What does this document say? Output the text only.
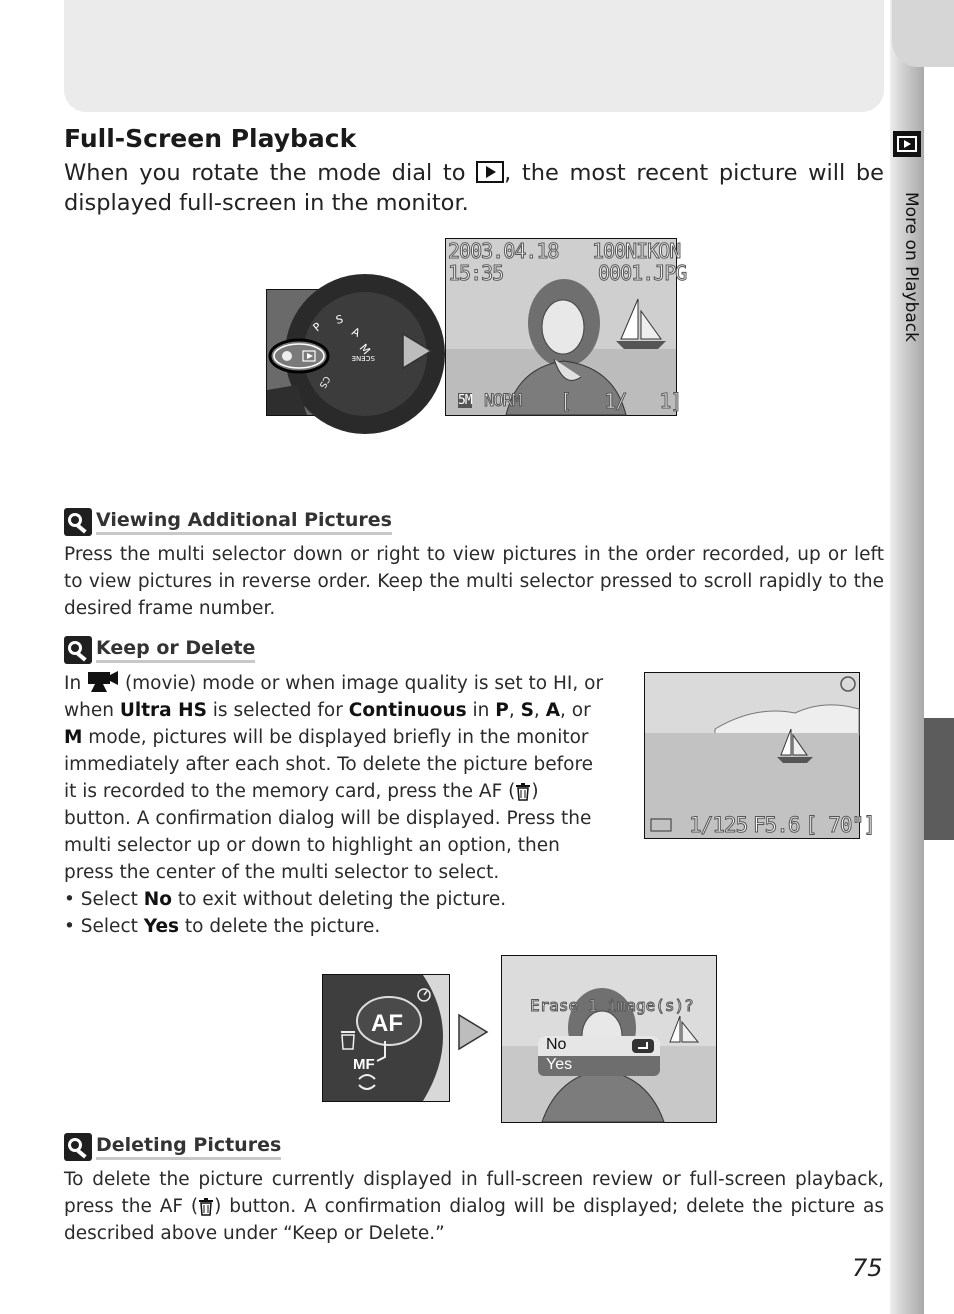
More on Playback
Full-Screen Playback
When you rotate the mode dial to , the most recent picture will be displayed full-screen in the monitor.
P
S
A
M
SCENE
CS
2003.04.18
15:35
100NIKON
0001.JPG
5M NORM [   1/   1]
Viewing Additional Pictures
Press the multi selector down or right to view pictures in the order recorded, up or left to view pictures in reverse order. Keep the multi selector pressed to scroll rapidly to the desired frame number.
Keep or Delete
In  (movie) mode or when image quality is set to HI, or when Ultra HS is selected for Continuous in P, S, A, or M mode, pictures will be displayed briefly in the monitor immediately after each shot. To delete the picture before it is recorded to the memory card, press the AF ( ) button. A confirmation dialog will be displayed. Press the multi selector up or down to highlight an option, then press the center of the multi selector to select.
• Select No to exit without deleting the picture.
• Select Yes to delete the picture.
1/125 F5.6 [ 70"]
AF
MF
Erase 1 image(s)?
No
Yes
Deleting Pictures
To delete the picture currently displayed in full-screen review or full-screen playback, press the AF ( ) button. A confirmation dialog will be displayed; delete the picture as described above under “Keep or Delete.”
75
